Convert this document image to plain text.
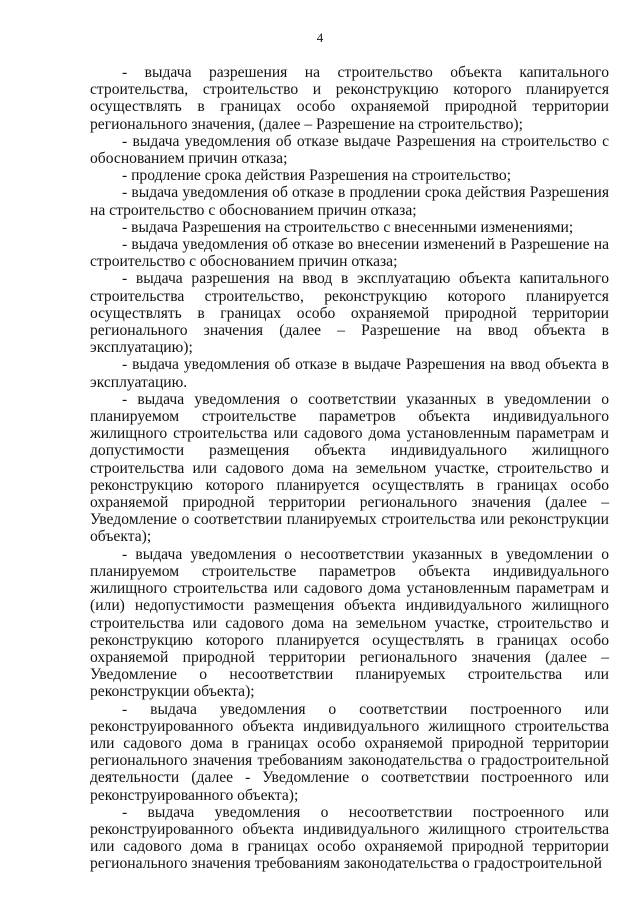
4

- выдача разрешения на строительство объекта капитального строительства, строительство и реконструкцию которого планируется осуществлять в границах особо охраняемой природной территории регионального значения, (далее – Разрешение на строительство);

- выдача уведомления об отказе выдаче Разрешения на строительство с обоснованием причин отказа;

- продление срока действия Разрешения на строительство;

- выдача уведомления об отказе в продлении срока действия Разрешения на строительство с обоснованием причин отказа;

- выдача Разрешения на строительство с внесенными изменениями;

- выдача уведомления об отказе во внесении изменений в Разрешение на строительство с обоснованием причин отказа;

- выдача разрешения на ввод в эксплуатацию объекта капитального строительства строительство, реконструкцию которого планируется осуществлять в границах особо охраняемой природной территории регионального значения (далее – Разрешение на ввод объекта в эксплуатацию);

- выдача уведомления об отказе в выдаче Разрешения на ввод объекта в эксплуатацию.

- выдача уведомления о соответствии указанных в уведомлении о планируемом строительстве параметров объекта индивидуального жилищного строительства или садового дома установленным параметрам и допустимости размещения объекта индивидуального жилищного строительства или садового дома на земельном участке, строительство и реконструкцию которого планируется осуществлять в границах особо охраняемой природной территории регионального значения (далее – Уведомление о соответствии планируемых строительства или реконструкции объекта);

- выдача уведомления о несоответствии указанных в уведомлении о планируемом строительстве параметров объекта индивидуального жилищного строительства или садового дома установленным параметрам и (или) недопустимости размещения объекта индивидуального жилищного строительства или садового дома на земельном участке, строительство и реконструкцию которого планируется осуществлять в границах особо охраняемой природной территории регионального значения (далее – Уведомление о несоответствии планируемых строительства или реконструкции объекта);

- выдача уведомления о соответствии построенного или реконструированного объекта индивидуального жилищного строительства или садового дома в границах особо охраняемой природной территории регионального значения требованиям законодательства о градостроительной деятельности (далее - Уведомление о соответствии построенного или реконструированного объекта);

- выдача уведомления о несоответствии построенного или реконструированного объекта индивидуального жилищного строительства или садового дома в границах особо охраняемой природной территории регионального значения требованиям законодательства о градостроительной
